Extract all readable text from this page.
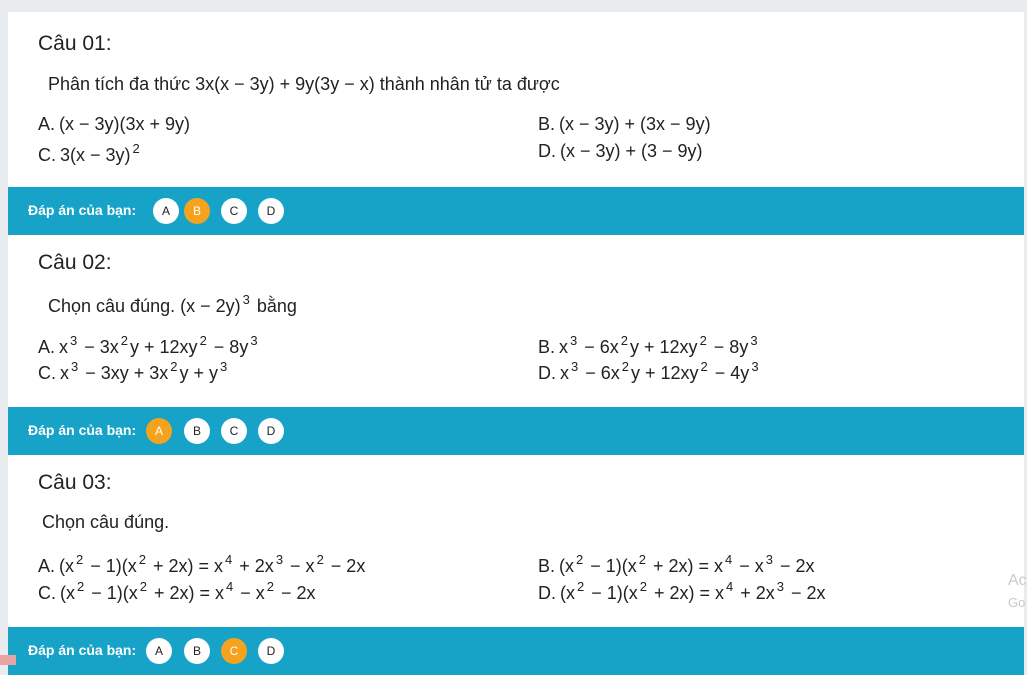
Câu 01:
Phân tích đa thức 3x(x − 3y) + 9y(3y − x) thành nhân tử ta được
A. (x − 3y)(3x + 9y)	B. (x − 3y) + (3x − 9y)
C. 3(x − 3y) $^2$	D. (x − 3y) + (3 − 9y)
Đáp án của bạn:	A	B	C	D
Câu 02:
Chọn câu đúng. (x − 2y) $^3$ bằng
A. x $^3$ − 3x $^2$ y + 12xy $^2$ − 8y $^3$	B. x $^3$ − 6x $^2$ y + 12xy $^2$ − 8y $^3$
C. x $^3$ − 3xy + 3x $^2$ y + y $^3$	D. x $^3$ − 6x $^2$ y + 12xy $^2$ − 4y $^3$
Đáp án của bạn:	A	B	C	D
Câu 03:
Chọn câu đúng.
A. (x $^2$ − 1)(x $^2$ + 2x) = x $^4$ + 2x $^3$ − x $^2$ − 2x	B. (x $^2$ − 1)(x $^2$ + 2x) = x $^4$ − x $^3$ − 2x
C. (x $^2$ − 1)(x $^2$ + 2x) = x $^4$ − x $^2$ − 2x	D. (x $^2$ − 1)(x $^2$ + 2x) = x $^4$ + 2x $^3$ − 2x
Ac
Go
Đáp án của bạn:	A	B	C	D
